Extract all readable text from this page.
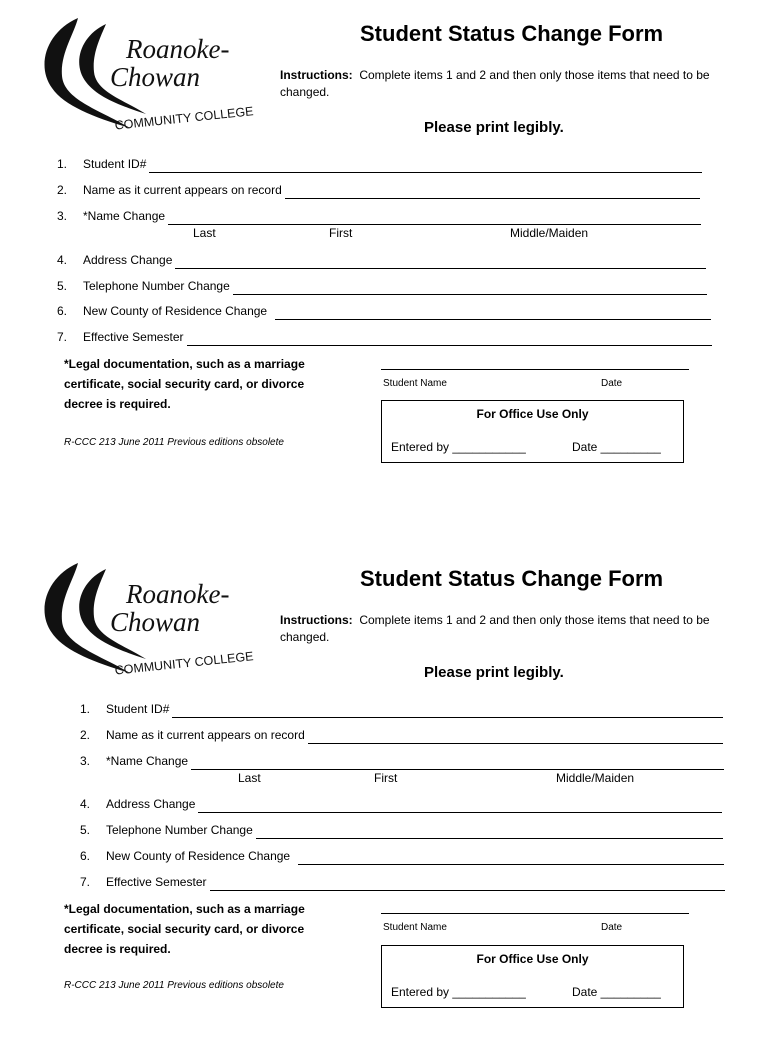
Roanoke-
Chowan
COMMUNITY COLLEGE
Student Status Change Form
Instructions: Complete items 1 and 2 and then only those items that need to be changed.
Please print legibly.
1.	Student ID#
2.	Name as it current appears on record
3.	*Name Change
Last	First	Middle/Maiden
4.	Address Change
5.	Telephone Number Change
6.	New County of Residence Change
7.	Effective Semester
*Legal documentation, such as a marriage certificate, social security card, or divorce decree is required.
R-CCC 213 June 2011 Previous editions obsolete
Student Name	Date
For Office Use Only
Entered by ___________	Date _________
Roanoke-
Chowan
COMMUNITY COLLEGE
Student Status Change Form
Instructions: Complete items 1 and 2 and then only those items that need to be changed.
Please print legibly.
1.	Student ID#
2.	Name as it current appears on record
3.	*Name Change
Last	First	Middle/Maiden
4.	Address Change
5.	Telephone Number Change
6.	New County of Residence Change
7.	Effective Semester
*Legal documentation, such as a marriage certificate, social security card, or divorce decree is required.
R-CCC 213 June 2011 Previous editions obsolete
Student Name	Date
For Office Use Only
Entered by ___________	Date _________
